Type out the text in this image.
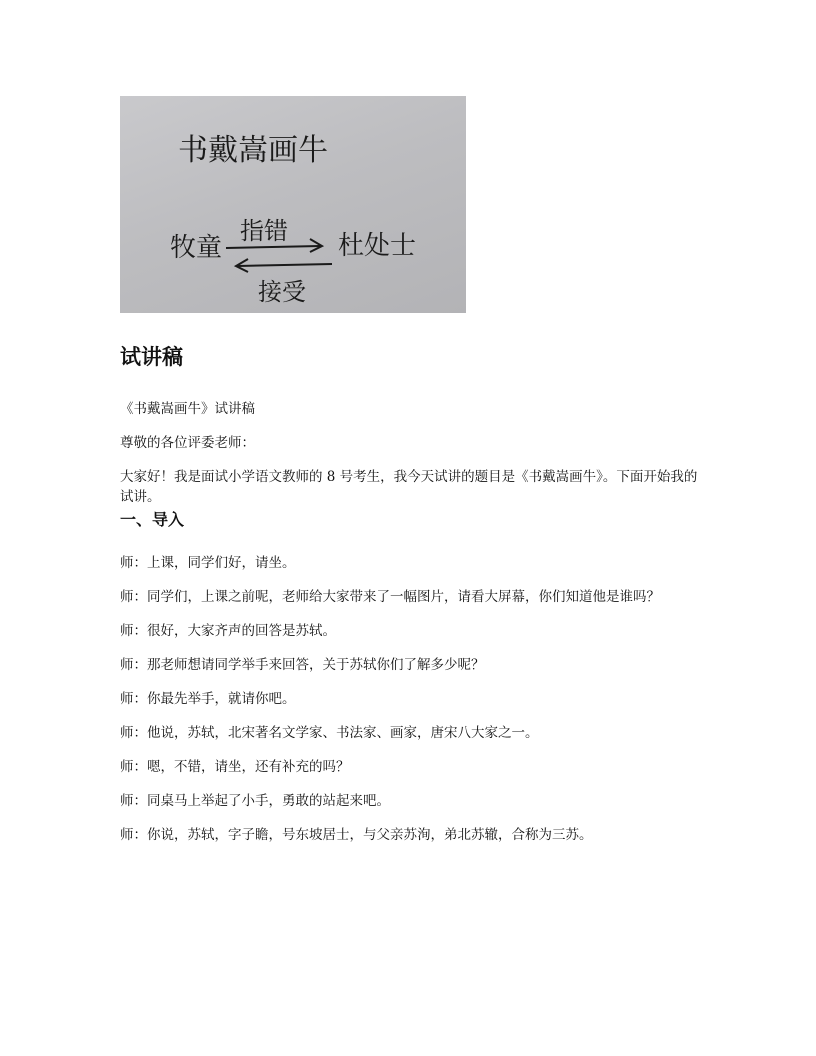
书戴嵩画牛
牧童
指错
接受
杜处士
试讲稿

《书戴嵩画牛》试讲稿

尊敬的各位评委老师：

大家好！我是面试小学语文教师的 8 号考生，我今天试讲的题目是《书戴嵩画牛》。下面开始我的试讲。

一、导入

师：上课，同学们好，请坐。

师：同学们，上课之前呢，老师给大家带来了一幅图片，请看大屏幕，你们知道他是谁吗？

师：很好，大家齐声的回答是苏轼。

师：那老师想请同学举手来回答，关于苏轼你们了解多少呢？

师：你最先举手，就请你吧。

师：他说，苏轼，北宋著名文学家、书法家、画家，唐宋八大家之一。

师：嗯，不错，请坐，还有补充的吗？

师：同桌马上举起了小手，勇敢的站起来吧。

师：你说，苏轼，字子瞻，号东坡居士，与父亲苏洵，弟北苏辙，合称为三苏。
